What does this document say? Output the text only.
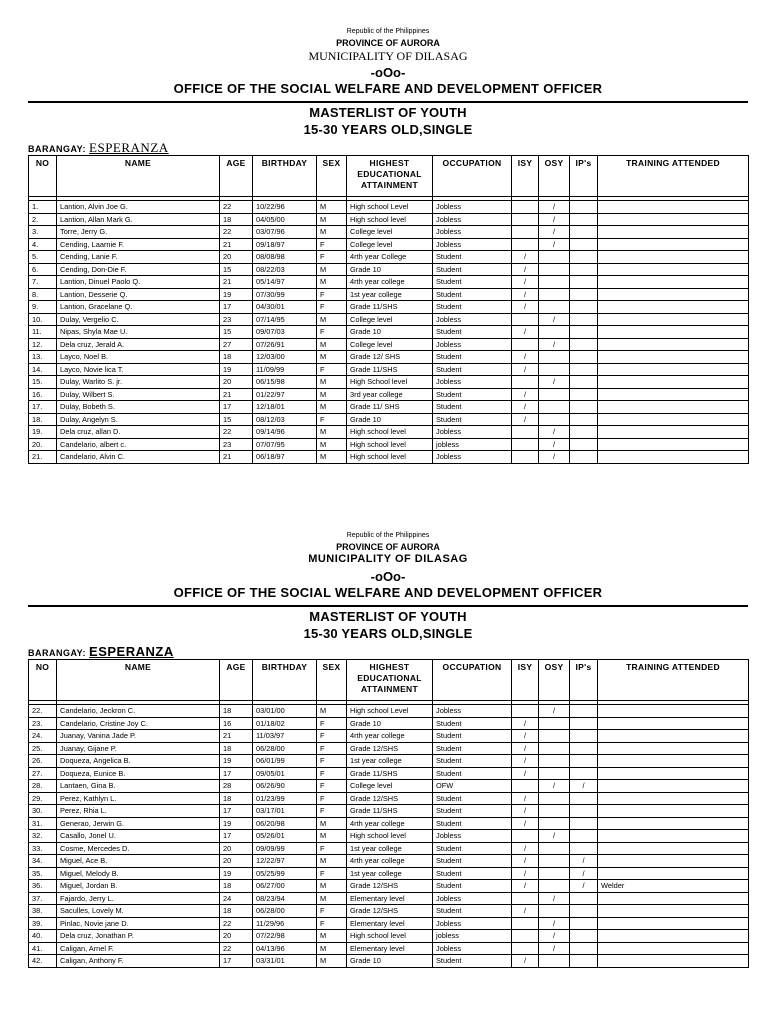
Republic of the Philippines
PROVINCE OF AURORA
MUNICIPALITY OF DILASAG
-oOo-
OFFICE OF THE SOCIAL WELFARE AND DEVELOPMENT OFFICER
MASTERLIST OF YOUTH
15-30 YEARS OLD,SINGLE
BARANGAY: ESPERANZA
NO	NAME	AGE	BIRTHDAY	SEX	HIGHEST EDUCATIONAL ATTAINMENT	OCCUPATION	ISY	OSY	IP's	TRAINING ATTENDED

1.	Lantion, Alvin Joe G.	22	10/22/96	M	High school Level	Jobless		/		
2.	Lantion, Allan Mark G.	18	04/05/00	M	High school level	Jobless		/		
3.	Torre, Jerry G.	22	03/07/96	M	College level	Jobless		/		
4.	Cending, Laarnie F.	21	09/18/97	F	College level	Jobless		/		
5.	Cending, Lanie F.	20	08/08/98	F	4rth year College	Student	/			
6.	Cending, Don-Die F.	15	08/22/03	M	Grade 10	Student	/			
7.	Lantion, Dinuel Paolo Q.	21	05/14/97	M	4rth year college	Student	/			
8.	Lantion, Desserie Q.	19	07/30/99	F	1st year college	Student	/			
9.	Lantion, Gracelane Q.	17	04/30/01	F	Grade 11/SHS	Student	/			
10.	Dulay, Vergelio C.	23	07/14/95	M	College level	Jobless		/		
11.	Nipas, Shyla Mae U.	15	09/07/03	F	Grade 10	Student	/			
12.	Dela cruz, Jerald A.	27	07/26/91	M	College level	Jobless		/		
13.	Layco, Noel B.	18	12/03/00	M	Grade 12/ SHS	Student	/			
14.	Layco, Novie lica T.	19	11/09/99	F	Grade 11/SHS	Student	/			
15.	Dulay, Warlito S. jr.	20	06/15/98	M	High School level	Jobless		/		
16.	Dulay, Wilbert S.	21	01/22/97	M	3rd year college	Student	/			
17.	Dulay, Bobeth S.	17	12/18/01	M	Grade 11/ SHS	Student	/			
18.	Dulay, Angelyn S.	15	08/12/03	F	Grade 10	Student	/			
19.	Dela cruz, allan D.	22	09/14/96	M	High school level	Jobless		/		
20.	Candelario, albert c.	23	07/07/95	M	High school level	jobless		/		
21.	Candelario, Alvin C.	21	06/18/97	M	High school level	Jobless		/		
Republic of the Philippines
PROVINCE OF AURORA
MUNICIPALITY OF DILASAG
-oOo-
OFFICE OF THE SOCIAL WELFARE AND DEVELOPMENT OFFICER
MASTERLIST OF YOUTH
15-30 YEARS OLD,SINGLE
BARANGAY: ESPERANZA
NO	NAME	AGE	BIRTHDAY	SEX	HIGHEST EDUCATIONAL ATTAINMENT	OCCUPATION	ISY	OSY	IP's	TRAINING ATTENDED

22.	Candelario, Jeckron C.	18	03/01/00	M	High school Level	Jobless		/		
23.	Candelario, Cristine Joy C.	16	01/18/02	F	Grade 10	Student	/			
24.	Juanay, Vanina Jade P.	21	11/03/97	F	4rth year college	Student	/			
25.	Juanay, Gijane P.	18	06/28/00	F	Grade 12/SHS	Student	/			
26.	Doqueza, Angelica B.	19	06/01/99	F	1st year college	Student	/			
27.	Doqueza, Eunice B.	17	09/05/01	F	Grade 11/SHS	Student	/			
28.	Lantaen, Gina B.	28	06/26/90	F	College level	OFW		/	/	
29.	Perez, Kathlyn L.	18	01/23/99	F	Grade 12/SHS	Student	/			
30.	Perez, Rhia L.	17	03/17/01	F	Grade 11/SHS	Student	/			
31.	Generao, Jerwin G.	19	06/20/98	M	4rth year college	Student	/			
32.	Casallo, Jonel U.	17	05/26/01	M	High school level	Jobless		/		
33.	Cosme, Mercedes D.	20	09/09/99	F	1st year college	Student	/			
34.	Miguel, Ace B.	20	12/22/97	M	4rth year college	Student	/		/	
35.	Miguel, Melody B.	19	05/25/99	F	1st year college	Student	/		/	
36.	Miguel, Jordan B.	18	06/27/00	M	Grade 12/SHS	Student	/		/	Welder
37.	Fajardo, Jerry L.	24	08/23/94	M	Elementary level	Jobless		/		
38.	Saculles, Lovely M.	18	06/28/00	F	Grade 12/SHS	Student	/			
39.	Pinlac, Novie jane D.	22	11/29/96	F	Elementary level	Jobless		/		
40.	Dela cruz, Jonathan P.	20	07/22/98	M	High school level	jobless		/		
41.	Caligan, Arnel F.	22	04/13/96	M	Elementary level	Jobless		/		
42.	Caligan, Anthony F.	17	03/31/01	M	Grade 10	Student	/			
